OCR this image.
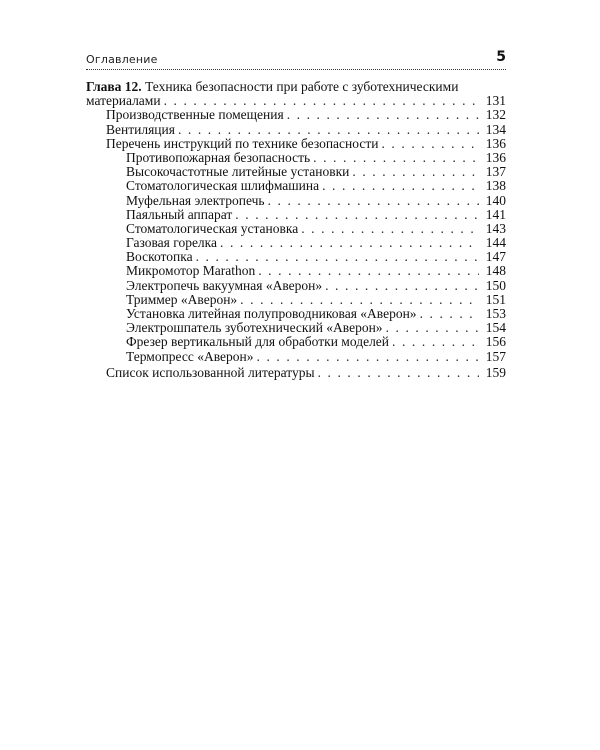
Оглавление	5
Глава 12. Техника безопасности при работе с зуботехническими
материалами . . .	131
Производственные помещения . . .	132
Вентиляция . . .	134
Перечень инструкций по технике безопасности . . .	136
Противопожарная безопасность . . .	136
Высокочастотные литейные установки . . .	137
Стоматологическая шлифмашина . . .	138
Муфельная электропечь . . .	140
Паяльный аппарат . . .	141
Стоматологическая установка . . .	143
Газовая горелка . . .	144
Воскотопка . . .	147
Микромотор Marathon . . .	148
Электропечь вакуумная «Аверон» . . .	150
Триммер «Аверон» . . .	151
Установка литейная полупроводниковая «Аверон» . . .	153
Электрошпатель зуботехнический «Аверон» . . .	154
Фрезер вертикальный для обработки моделей . . .	156
Термопресс «Аверон» . . .	157
Список использованной литературы . . .	159
